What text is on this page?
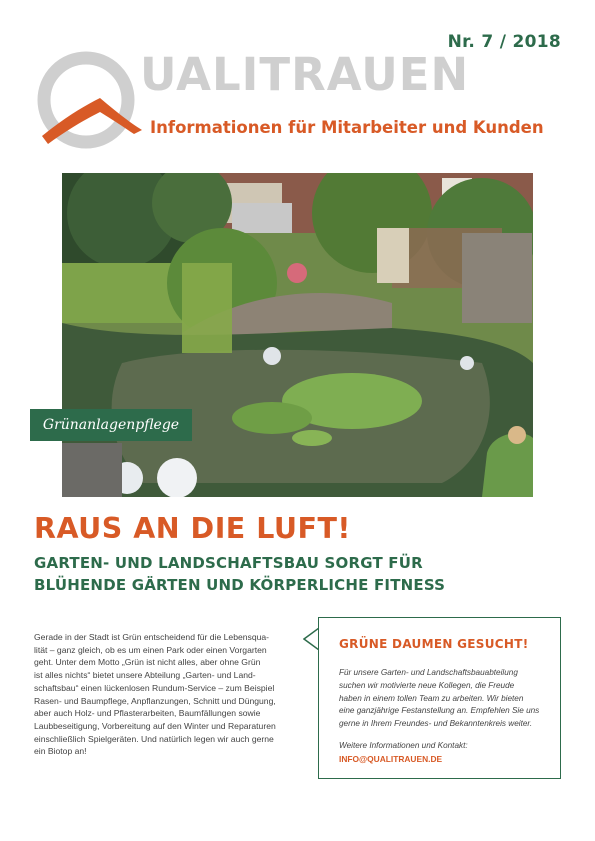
Nr. 7 / 2018
UALITRAUEN
Informationen für Mitarbeiter und Kunden
Grünanlagenpflege
RAUS AN DIE LUFT!
GARTEN- UND LANDSCHAFTSBAU SORGT FÜR
BLÜHENDE GÄRTEN UND KÖRPERLICHE FITNESS
Gerade in der Stadt ist Grün entscheidend für die Lebensqua-
lität – ganz gleich, ob es um einen Park oder einen Vorgarten
geht. Unter dem Motto „Grün ist nicht alles, aber ohne Grün
ist alles nichts“ bietet unsere Abteilung „Garten- und Land-
schaftsbau“ einen lückenlosen Rundum-Service – zum Beispiel
Rasen- und Baumpflege, Anpflanzungen, Schnitt und Düngung,
aber auch Holz- und Pflasterarbeiten, Baumfällungen sowie
Laubbeseitigung, Vorbereitung auf den Winter und Reparaturen
einschließlich Spielgeräten. Und natürlich legen wir auch gerne
ein Biotop an!
GRÜNE DAUMEN GESUCHT!
Für unsere Garten- und Landschaftsbauabteilung
suchen wir motivierte neue Kollegen, die Freude
haben in einem tollen Team zu arbeiten. Wir bieten
eine ganzjährige Festanstellung an. Empfehlen Sie uns
gerne in Ihrem Freundes- und Bekanntenkreis weiter.
Weitere Informationen und Kontakt:
INFO@QUALITRAUEN.DE
